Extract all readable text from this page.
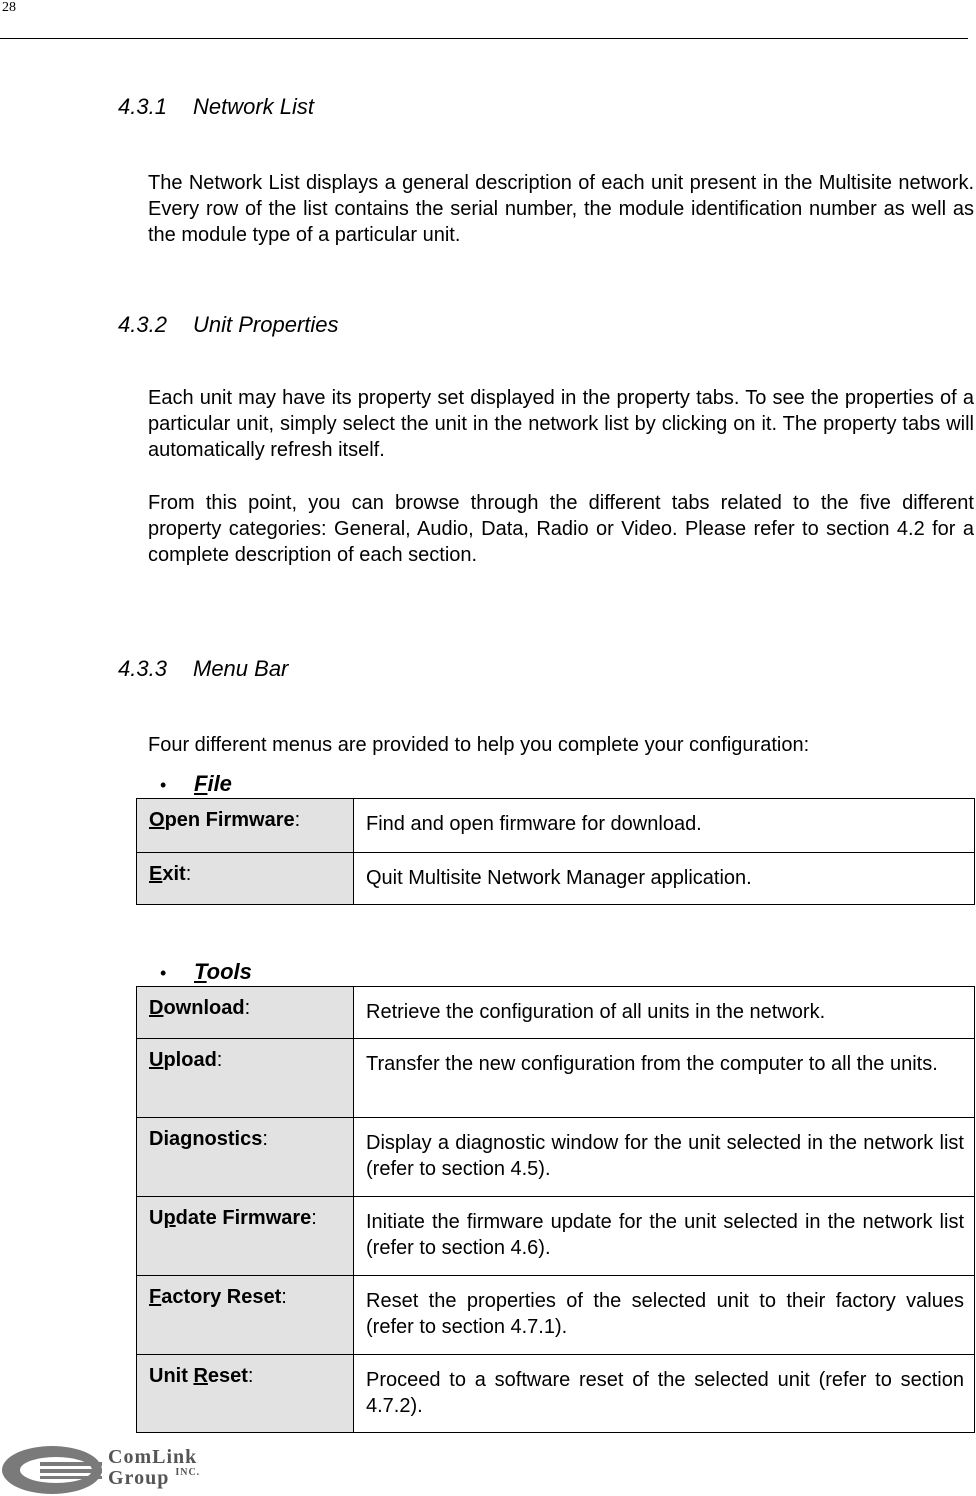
28
4.3.1 Network List

The Network List displays a general description of each unit present in the Multisite network. Every row of the list contains the serial number, the module identification number as well as the module type of a particular unit.

4.3.2 Unit Properties

Each unit may have its property set displayed in the property tabs. To see the properties of a particular unit, simply select the unit in the network list by clicking on it. The property tabs will automatically refresh itself.

From this point, you can browse through the different tabs related to the five different property categories: General, Audio, Data, Radio or Video. Please refer to section 4.2 for a complete description of each section.

4.3.3 Menu Bar

Four different menus are provided to help you complete your configuration:

• File
Open Firmware:	Find and open firmware for download.
Exit:	Quit Multisite Network Manager application.
• Tools
Download:	Retrieve the configuration of all units in the network.
Upload:	Transfer the new configuration from the computer to all the units.
Diagnostics:	Display a diagnostic window for the unit selected in the network list (refer to section 4.5).
Update Firmware:	Initiate the firmware update for the unit selected in the network list (refer to section 4.6).
Factory Reset:	Reset the properties of the selected unit to their factory values (refer to section 4.7.1).
Unit Reset:	Proceed to a software reset of the selected unit (refer to section 4.7.2).
ComLink
Group $^{INC.}$
